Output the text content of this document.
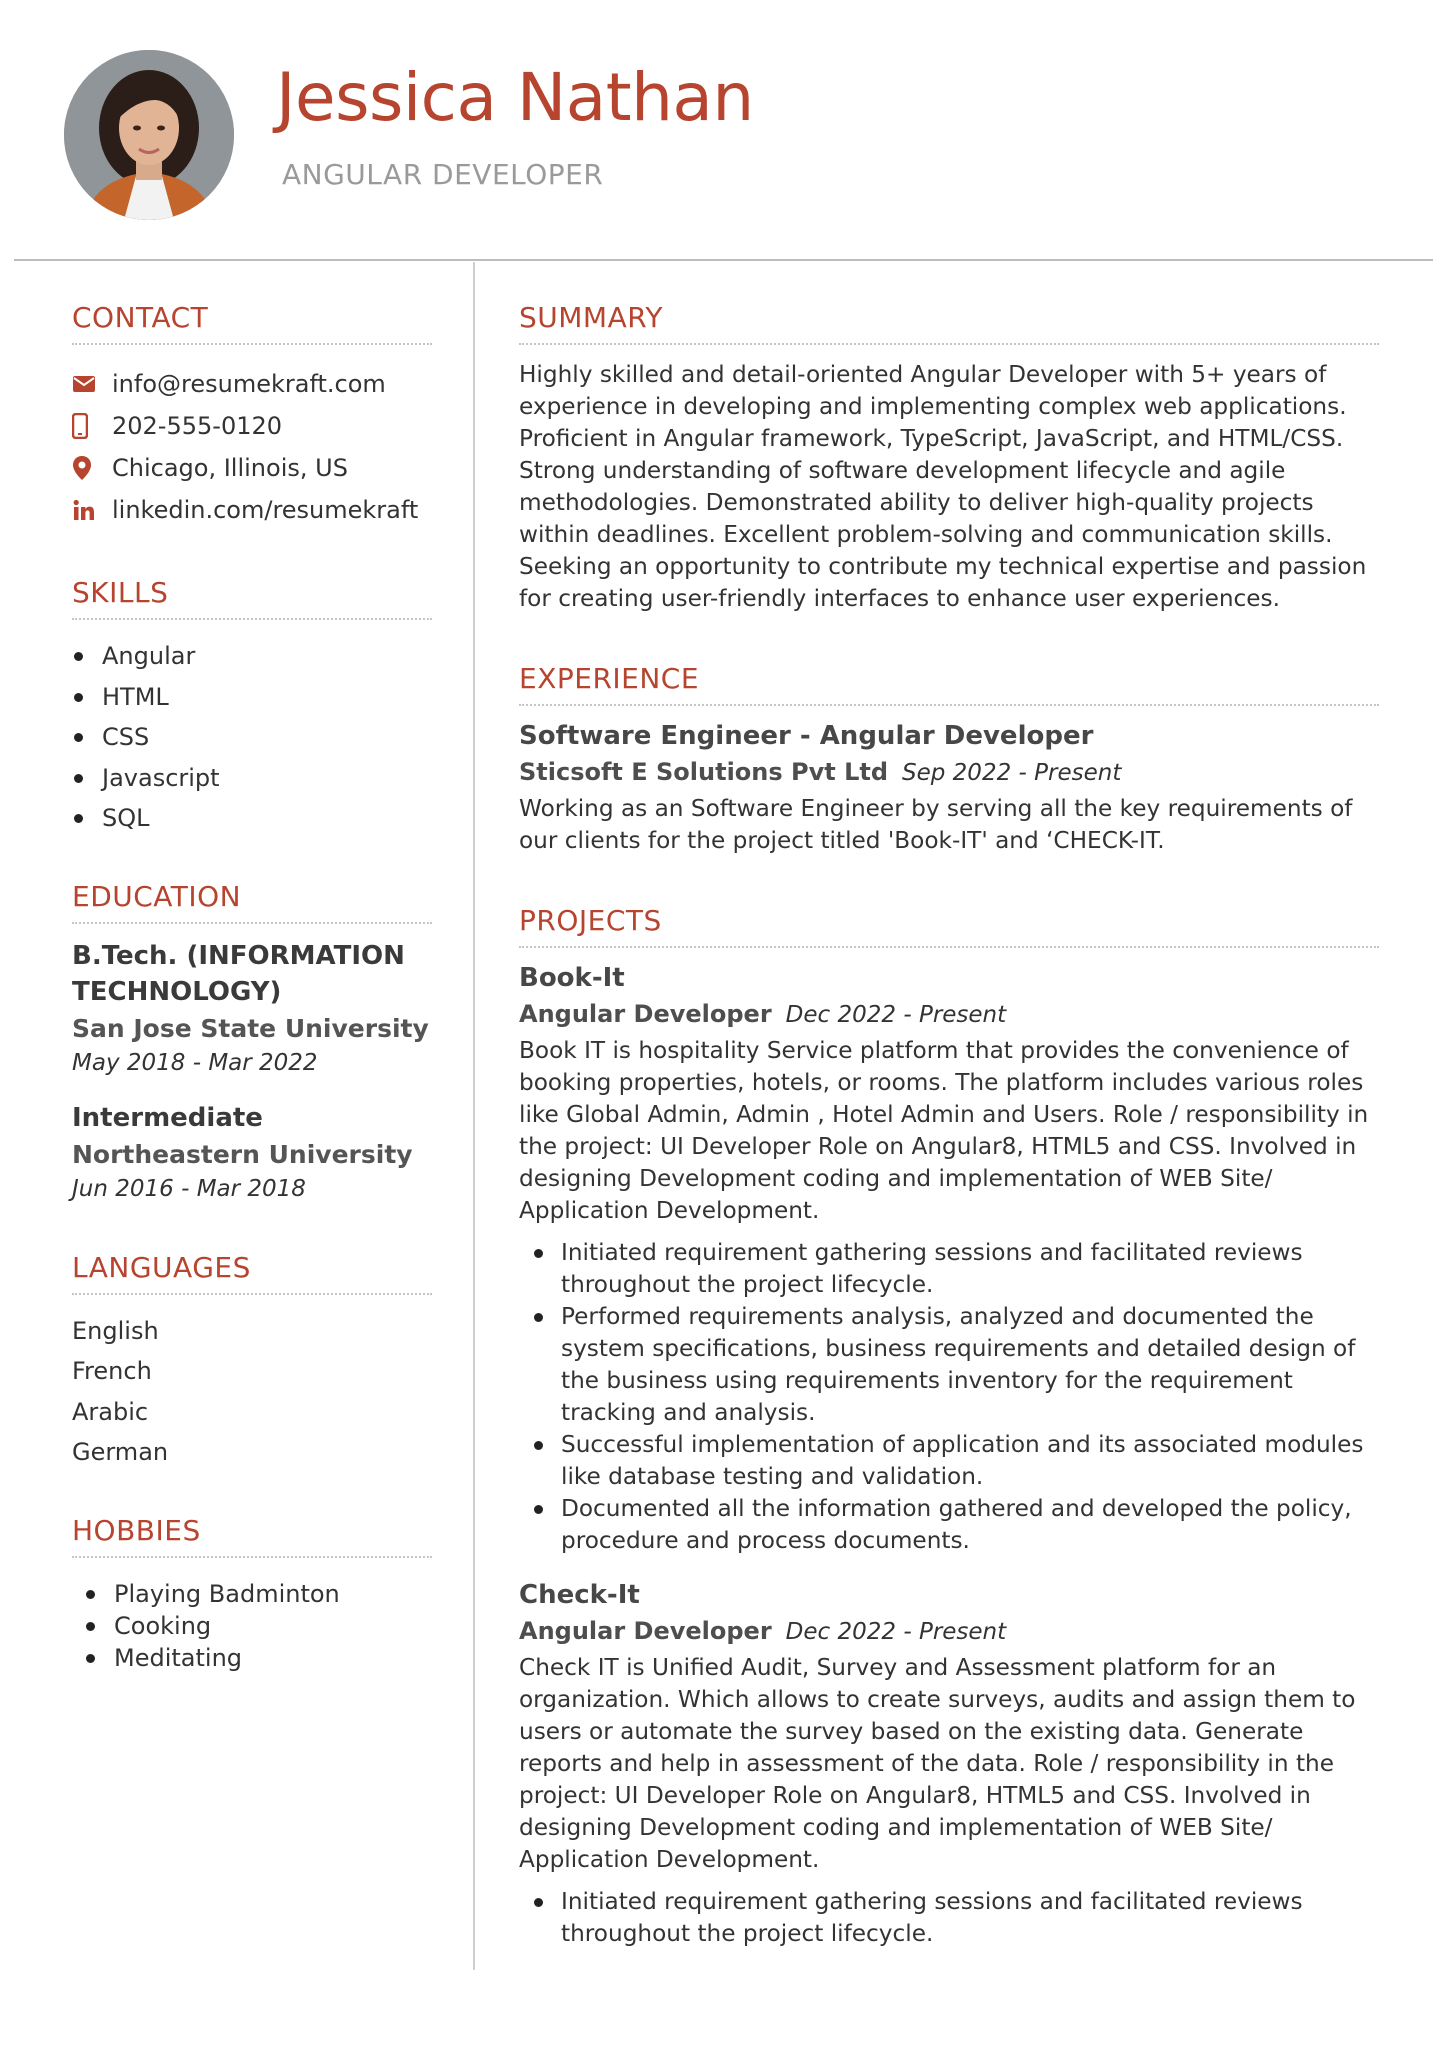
Jessica Nathan
ANGULAR DEVELOPER
CONTACT
info@resumekraft.com
202-555-0120
Chicago, Illinois, US
linkedin.com/resumekraft
SKILLS
Angular
HTML
CSS
Javascript
SQL
EDUCATION

B.Tech. (INFORMATION TECHNOLOGY)

San Jose State University

May 2018 - Mar 2022

Intermediate

Northeastern University

Jun 2016 - Mar 2018

LANGUAGES
English
French
Arabic
German
HOBBIES
Playing Badminton
Cooking
Meditating
SUMMARY

Highly skilled and detail-oriented Angular Developer with 5+ years of experience in developing and implementing complex web applications. Proficient in Angular framework, TypeScript, JavaScript, and HTML/CSS. Strong understanding of software development lifecycle and agile methodologies. Demonstrated ability to deliver high-quality projects within deadlines. Excellent problem-solving and communication skills. Seeking an opportunity to contribute my technical expertise and passion for creating user-friendly interfaces to enhance user experiences.

EXPERIENCE

Software Engineer - Angular Developer

Sticsoft E Solutions Pvt Ltd Sep 2022 - Present

Working as an Software Engineer by serving all the key requirements of our clients for the project titled 'Book-IT' and ‘CHECK-IT.

PROJECTS

Book-It

Angular Developer Dec 2022 - Present

Book IT is hospitality Service platform that provides the convenience of booking properties, hotels, or rooms. The platform includes various roles like Global Admin, Admin , Hotel Admin and Users. Role / responsibility in the project: UI Developer Role on Angular8, HTML5 and CSS. Involved in designing Development coding and implementation of WEB Site/ Application Development.

Initiated requirement gathering sessions and facilitated reviews throughout the project lifecycle.
Performed requirements analysis, analyzed and documented the system specifications, business requirements and detailed design of the business using requirements inventory for the requirement tracking and analysis.
Successful implementation of application and its associated modules like database testing and validation.
Documented all the information gathered and developed the policy, procedure and process documents.

Check-It

Angular Developer Dec 2022 - Present

Check IT is Unified Audit, Survey and Assessment platform for an organization. Which allows to create surveys, audits and assign them to users or automate the survey based on the existing data. Generate reports and help in assessment of the data. Role / responsibility in the project: UI Developer Role on Angular8, HTML5 and CSS. Involved in designing Development coding and implementation of WEB Site/ Application Development.

Initiated requirement gathering sessions and facilitated reviews throughout the project lifecycle.
